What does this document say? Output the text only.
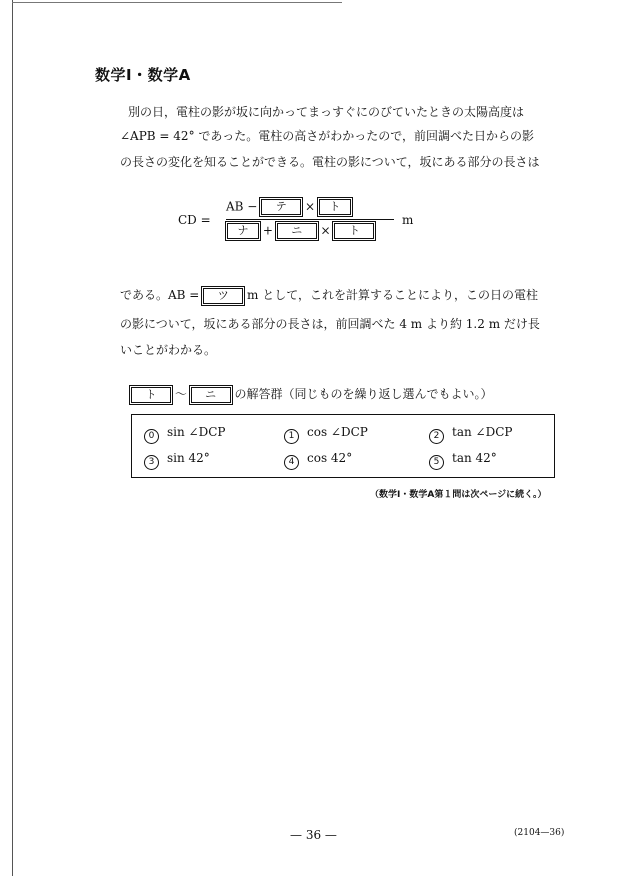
数学Ⅰ・数学A
別の日，電柱の影が坂に向かってまっすぐにのびていたときの太陽高度は
∠APB = 42° であった。電柱の高さがわかったので，前回調べた日からの影
の長さの変化を知ることができる。電柱の影について，坂にある部分の長さは
CD =
AB − テ × ト
ナ + ニ × ト
m
である。AB = ツ m として，これを計算することにより，この日の電柱
の影について，坂にある部分の長さは，前回調べた 4 m より約 1.2 m だけ長
いことがわかる。
ト 〜 ニ の解答群（同じものを繰り返し選んでもよい。）
0 sin ∠DCP	1 cos ∠DCP	2 tan ∠DCP
3 sin 42°	4 cos 42°	5 tan 42°
（数学Ⅰ・数学A第１問は次ページに続く。）
— 36 —	(2104—36)
